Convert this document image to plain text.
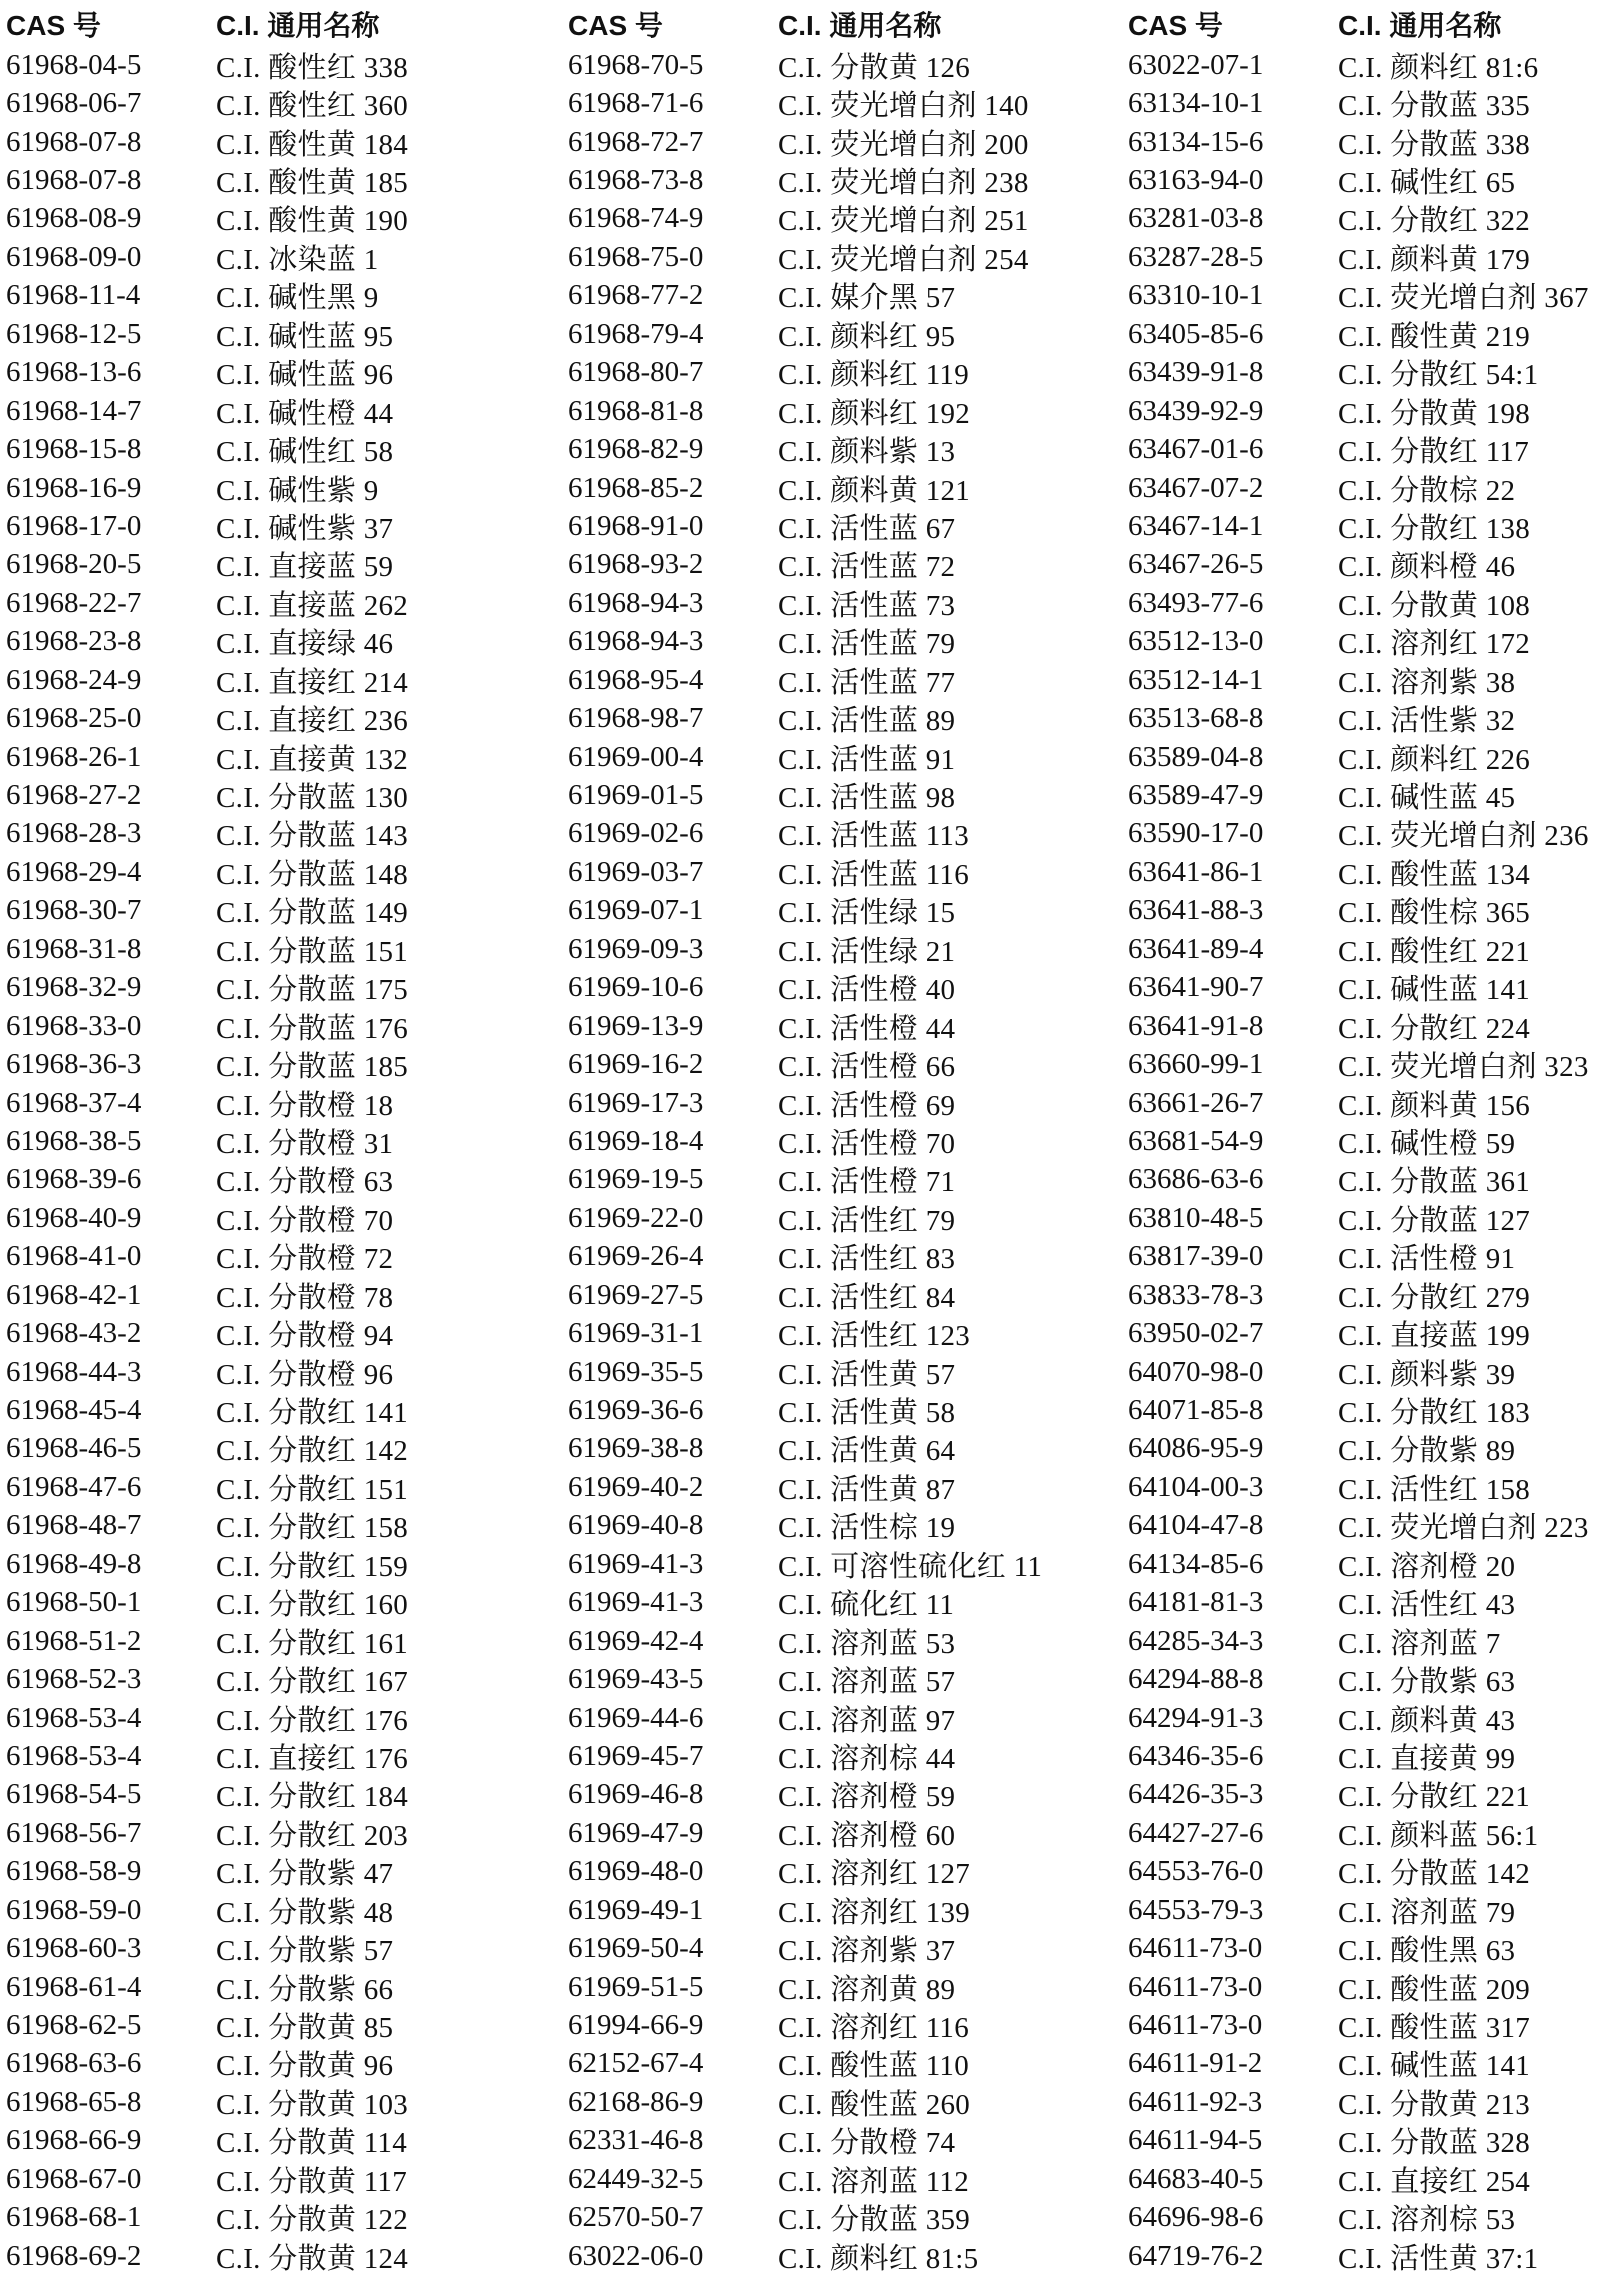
CAS 号	C.I. 通用名称
61968-04-5	C.I. 酸性红 338
61968-06-7	C.I. 酸性红 360
61968-07-8	C.I. 酸性黄 184
61968-07-8	C.I. 酸性黄 185
61968-08-9	C.I. 酸性黄 190
61968-09-0	C.I. 冰染蓝 1
61968-11-4	C.I. 碱性黑 9
61968-12-5	C.I. 碱性蓝 95
61968-13-6	C.I. 碱性蓝 96
61968-14-7	C.I. 碱性橙 44
61968-15-8	C.I. 碱性红 58
61968-16-9	C.I. 碱性紫 9
61968-17-0	C.I. 碱性紫 37
61968-20-5	C.I. 直接蓝 59
61968-22-7	C.I. 直接蓝 262
61968-23-8	C.I. 直接绿 46
61968-24-9	C.I. 直接红 214
61968-25-0	C.I. 直接红 236
61968-26-1	C.I. 直接黄 132
61968-27-2	C.I. 分散蓝 130
61968-28-3	C.I. 分散蓝 143
61968-29-4	C.I. 分散蓝 148
61968-30-7	C.I. 分散蓝 149
61968-31-8	C.I. 分散蓝 151
61968-32-9	C.I. 分散蓝 175
61968-33-0	C.I. 分散蓝 176
61968-36-3	C.I. 分散蓝 185
61968-37-4	C.I. 分散橙 18
61968-38-5	C.I. 分散橙 31
61968-39-6	C.I. 分散橙 63
61968-40-9	C.I. 分散橙 70
61968-41-0	C.I. 分散橙 72
61968-42-1	C.I. 分散橙 78
61968-43-2	C.I. 分散橙 94
61968-44-3	C.I. 分散橙 96
61968-45-4	C.I. 分散红 141
61968-46-5	C.I. 分散红 142
61968-47-6	C.I. 分散红 151
61968-48-7	C.I. 分散红 158
61968-49-8	C.I. 分散红 159
61968-50-1	C.I. 分散红 160
61968-51-2	C.I. 分散红 161
61968-52-3	C.I. 分散红 167
61968-53-4	C.I. 分散红 176
61968-53-4	C.I. 直接红 176
61968-54-5	C.I. 分散红 184
61968-56-7	C.I. 分散红 203
61968-58-9	C.I. 分散紫 47
61968-59-0	C.I. 分散紫 48
61968-60-3	C.I. 分散紫 57
61968-61-4	C.I. 分散紫 66
61968-62-5	C.I. 分散黄 85
61968-63-6	C.I. 分散黄 96
61968-65-8	C.I. 分散黄 103
61968-66-9	C.I. 分散黄 114
61968-67-0	C.I. 分散黄 117
61968-68-1	C.I. 分散黄 122
61968-69-2	C.I. 分散黄 124
CAS 号	C.I. 通用名称
61968-70-5	C.I. 分散黄 126
61968-71-6	C.I. 荧光增白剂 140
61968-72-7	C.I. 荧光增白剂 200
61968-73-8	C.I. 荧光增白剂 238
61968-74-9	C.I. 荧光增白剂 251
61968-75-0	C.I. 荧光增白剂 254
61968-77-2	C.I. 媒介黑 57
61968-79-4	C.I. 颜料红 95
61968-80-7	C.I. 颜料红 119
61968-81-8	C.I. 颜料红 192
61968-82-9	C.I. 颜料紫 13
61968-85-2	C.I. 颜料黄 121
61968-91-0	C.I. 活性蓝 67
61968-93-2	C.I. 活性蓝 72
61968-94-3	C.I. 活性蓝 73
61968-94-3	C.I. 活性蓝 79
61968-95-4	C.I. 活性蓝 77
61968-98-7	C.I. 活性蓝 89
61969-00-4	C.I. 活性蓝 91
61969-01-5	C.I. 活性蓝 98
61969-02-6	C.I. 活性蓝 113
61969-03-7	C.I. 活性蓝 116
61969-07-1	C.I. 活性绿 15
61969-09-3	C.I. 活性绿 21
61969-10-6	C.I. 活性橙 40
61969-13-9	C.I. 活性橙 44
61969-16-2	C.I. 活性橙 66
61969-17-3	C.I. 活性橙 69
61969-18-4	C.I. 活性橙 70
61969-19-5	C.I. 活性橙 71
61969-22-0	C.I. 活性红 79
61969-26-4	C.I. 活性红 83
61969-27-5	C.I. 活性红 84
61969-31-1	C.I. 活性红 123
61969-35-5	C.I. 活性黄 57
61969-36-6	C.I. 活性黄 58
61969-38-8	C.I. 活性黄 64
61969-40-2	C.I. 活性黄 87
61969-40-8	C.I. 活性棕 19
61969-41-3	C.I. 可溶性硫化红 11
61969-41-3	C.I. 硫化红 11
61969-42-4	C.I. 溶剂蓝 53
61969-43-5	C.I. 溶剂蓝 57
61969-44-6	C.I. 溶剂蓝 97
61969-45-7	C.I. 溶剂棕 44
61969-46-8	C.I. 溶剂橙 59
61969-47-9	C.I. 溶剂橙 60
61969-48-0	C.I. 溶剂红 127
61969-49-1	C.I. 溶剂红 139
61969-50-4	C.I. 溶剂紫 37
61969-51-5	C.I. 溶剂黄 89
61994-66-9	C.I. 溶剂红 116
62152-67-4	C.I. 酸性蓝 110
62168-86-9	C.I. 酸性蓝 260
62331-46-8	C.I. 分散橙 74
62449-32-5	C.I. 溶剂蓝 112
62570-50-7	C.I. 分散蓝 359
63022-06-0	C.I. 颜料红 81:5
CAS 号	C.I. 通用名称
63022-07-1	C.I. 颜料红 81:6
63134-10-1	C.I. 分散蓝 335
63134-15-6	C.I. 分散蓝 338
63163-94-0	C.I. 碱性红 65
63281-03-8	C.I. 分散红 322
63287-28-5	C.I. 颜料黄 179
63310-10-1	C.I. 荧光增白剂 367
63405-85-6	C.I. 酸性黄 219
63439-91-8	C.I. 分散红 54:1
63439-92-9	C.I. 分散黄 198
63467-01-6	C.I. 分散红 117
63467-07-2	C.I. 分散棕 22
63467-14-1	C.I. 分散红 138
63467-26-5	C.I. 颜料橙 46
63493-77-6	C.I. 分散黄 108
63512-13-0	C.I. 溶剂红 172
63512-14-1	C.I. 溶剂紫 38
63513-68-8	C.I. 活性紫 32
63589-04-8	C.I. 颜料红 226
63589-47-9	C.I. 碱性蓝 45
63590-17-0	C.I. 荧光增白剂 236
63641-86-1	C.I. 酸性蓝 134
63641-88-3	C.I. 酸性棕 365
63641-89-4	C.I. 酸性红 221
63641-90-7	C.I. 碱性蓝 141
63641-91-8	C.I. 分散红 224
63660-99-1	C.I. 荧光增白剂 323
63661-26-7	C.I. 颜料黄 156
63681-54-9	C.I. 碱性橙 59
63686-63-6	C.I. 分散蓝 361
63810-48-5	C.I. 分散蓝 127
63817-39-0	C.I. 活性橙 91
63833-78-3	C.I. 分散红 279
63950-02-7	C.I. 直接蓝 199
64070-98-0	C.I. 颜料紫 39
64071-85-8	C.I. 分散红 183
64086-95-9	C.I. 分散紫 89
64104-00-3	C.I. 活性红 158
64104-47-8	C.I. 荧光增白剂 223
64134-85-6	C.I. 溶剂橙 20
64181-81-3	C.I. 活性红 43
64285-34-3	C.I. 溶剂蓝 7
64294-88-8	C.I. 分散紫 63
64294-91-3	C.I. 颜料黄 43
64346-35-6	C.I. 直接黄 99
64426-35-3	C.I. 分散红 221
64427-27-6	C.I. 颜料蓝 56:1
64553-76-0	C.I. 分散蓝 142
64553-79-3	C.I. 溶剂蓝 79
64611-73-0	C.I. 酸性黑 63
64611-73-0	C.I. 酸性蓝 209
64611-73-0	C.I. 酸性蓝 317
64611-91-2	C.I. 碱性蓝 141
64611-92-3	C.I. 分散黄 213
64611-94-5	C.I. 分散蓝 328
64683-40-5	C.I. 直接红 254
64696-98-6	C.I. 溶剂棕 53
64719-76-2	C.I. 活性黄 37:1
